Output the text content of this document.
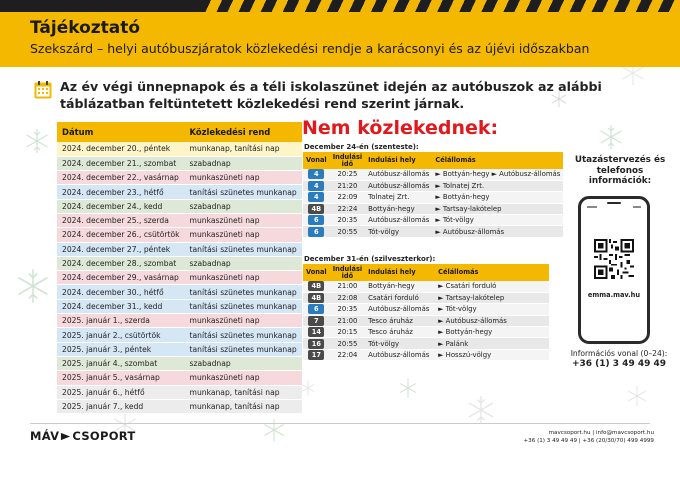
Tájékoztató
Szekszárd – helyi autóbuszjáratok közlekedési rendje a karácsonyi és az újévi időszakban

Az év végi ünnepnapok és a téli iskolaszünet idején az autóbuszok az alábbi táblázatban feltüntetett közlekedési rend szerint járnak.

Dátum	Közlekedési rend
2024. december 20., péntek	munkanap, tanítási nap
2024. december 21., szombat	szabadnap
2024. december 22., vasárnap	munkaszüneti nap
2024. december 23., hétfő	tanítási szünetes munkanap
2024. december 24., kedd	szabadnap
2024. december 25., szerda	munkaszüneti nap
2024. december 26., csütörtök	munkaszüneti nap
2024. december 27., péntek	tanítási szünetes munkanap
2024. december 28., szombat	szabadnap
2024. december 29., vasárnap	munkaszüneti nap
2024. december 30., hétfő	tanítási szünetes munkanap
2024. december 31., kedd	tanítási szünetes munkanap
2025. január 1., szerda	munkaszüneti nap
2025. január 2., csütörtök	tanítási szünetes munkanap
2025. január 3., péntek	tanítási szünetes munkanap
2025. január 4., szombat	szabadnap
2025. január 5., vasárnap	munkaszüneti nap
2025. január 6., hétfő	munkanap, tanítási nap
2025. január 7., kedd	munkanap, tanítási nap
Nem közlekednek:
December 24-én (szenteste):
Vonal	Indulási idő	Indulási hely	Célállomás
4	20:25	Autóbusz-állomás	► Bottyán-hegy ► Autóbusz-állomás
4	21:20	Autóbusz-állomás	► Tolnatej Zrt.
4	22:09	Tolnatej Zrt.	► Bottyán-hegy
4B	22:24	Bottyán-hegy	► Tartsay-lakótelep
6	20:35	Autóbusz-állomás	► Tót-völgy
6	20:55	Tót-völgy	► Autóbusz-állomás
December 31-én (szilveszterkor):
Vonal	Indulási idő	Indulási hely	Célállomás
4B	21:00	Bottyán-hegy	► Csatári forduló
4B	22:08	Csatári forduló	► Tartsay-lakótelep
6	20:35	Autóbusz-állomás	► Tót-völgy
7	21:00	Tesco áruház	► Autóbusz-állomás
14	20:15	Tesco áruház	► Bottyán-hegy
16	20:55	Tót-völgy	► Palánk
17	22:04	Autóbusz-állomás	► Hosszú-völgy
Utazástervezés és telefonos információk:
emma.mav.hu
Információs vonal (0–24):
+36 (1) 3 49 49 49
MÁV CSOPORT	mavcsoport.hu | info@mavcsoport.hu
+36 (1) 3 49 49 49 | +36 (20/30/70) 499 4999
